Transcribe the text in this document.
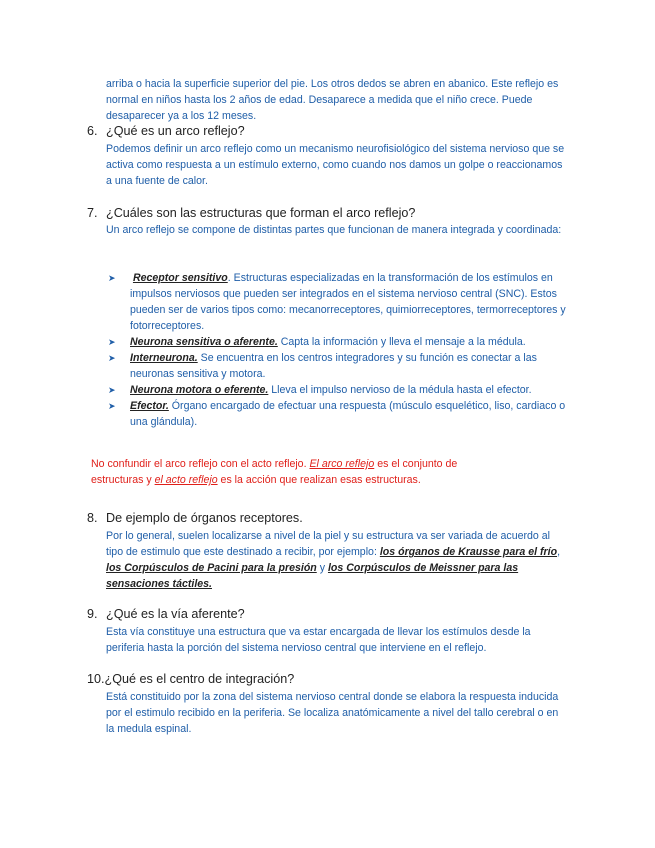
arriba o hacia la superficie superior del pie. Los otros dedos se abren en abanico. Este reflejo es normal en niños hasta los 2 años de edad. Desaparece a medida que el niño crece. Puede desaparecer ya a los 12 meses.

6. ¿Qué es un arco reflejo?

Podemos definir un arco reflejo como un mecanismo neurofisiológico del sistema nervioso que se activa como respuesta a un estímulo externo, como cuando nos damos un golpe o reaccionamos a una fuente de calor.

7. ¿Cuáles son las estructuras que forman el arco reflejo?

Un arco reflejo se compone de distintas partes que funcionan de manera integrada y coordinada:

➤ Receptor sensitivo. Estructuras especializadas en la transformación de los estímulos en impulsos nerviosos que pueden ser integrados en el sistema nervioso central (SNC). Estos pueden ser de varios tipos como: mecanorreceptores, quimiorreceptores, termorreceptores y fotorreceptores.
➤ Neurona sensitiva o aferente. Capta la información y lleva el mensaje a la médula.
➤ Interneurona. Se encuentra en los centros integradores y su función es conectar a las neuronas sensitiva y motora.
➤ Neurona motora o eferente. Lleva el impulso nervioso de la médula hasta el efector.
➤ Efector. Órgano encargado de efectuar una respuesta (músculo esquelético, liso, cardiaco o una glándula).

No confundir el arco reflejo con el acto reflejo. El arco reflejo es el conjunto de estructuras y el acto reflejo es la acción que realizan esas estructuras.

8. De ejemplo de órganos receptores.

Por lo general, suelen localizarse a nivel de la piel y su estructura va ser variada de acuerdo al tipo de estimulo que este destinado a recibir, por ejemplo: los órganos de Krausse para el frío, los Corpúsculos de Pacini para la presión y los Corpúsculos de Meissner para las sensaciones táctiles.

9. ¿Qué es la vía aferente?

Esta vía constituye una estructura que va estar encargada de llevar los estímulos desde la periferia hasta la porción del sistema nervioso central que interviene en el reflejo.

10.¿Qué es el centro de integración?

Está constituido por la zona del sistema nervioso central donde se elabora la respuesta inducida por el estimulo recibido en la periferia. Se localiza anatómicamente a nivel del tallo cerebral o en la medula espinal.
